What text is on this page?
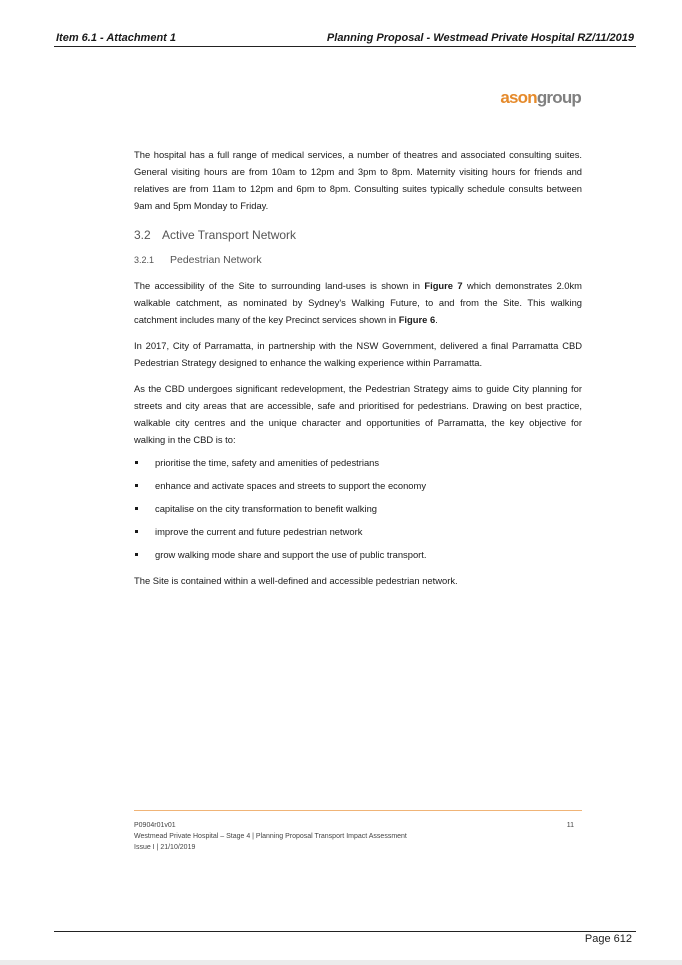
Item 6.1 - Attachment 1	Planning Proposal - Westmead Private Hospital RZ/11/2019
asongroup

The hospital has a full range of medical services, a number of theatres and associated consulting suites. General visiting hours are from 10am to 12pm and 3pm to 8pm. Maternity visiting hours for friends and relatives are from 11am to 12pm and 6pm to 8pm. Consulting suites typically schedule consults between 9am and 5pm Monday to Friday.

3.2 Active Transport Network
3.2.1 Pedestrian Network

The accessibility of the Site to surrounding land-uses is shown in Figure 7 which demonstrates 2.0km walkable catchment, as nominated by Sydney's Walking Future, to and from the Site. This walking catchment includes many of the key Precinct services shown in Figure 6.

In 2017, City of Parramatta, in partnership with the NSW Government, delivered a final Parramatta CBD Pedestrian Strategy designed to enhance the walking experience within Parramatta.

As the CBD undergoes significant redevelopment, the Pedestrian Strategy aims to guide City planning for streets and city areas that are accessible, safe and prioritised for pedestrians. Drawing on best practice, walkable city centres and the unique character and opportunities of Parramatta, the key objective for walking in the CBD is to:

prioritise the time, safety and amenities of pedestrians
enhance and activate spaces and streets to support the economy
capitalise on the city transformation to benefit walking
improve the current and future pedestrian network
grow walking mode share and support the use of public transport.

The Site is contained within a well-defined and accessible pedestrian network.

P0904r01v01
Westmead Private Hospital – Stage 4 | Planning Proposal Transport Impact Assessment
Issue I | 21/10/2019
11
Page 612
